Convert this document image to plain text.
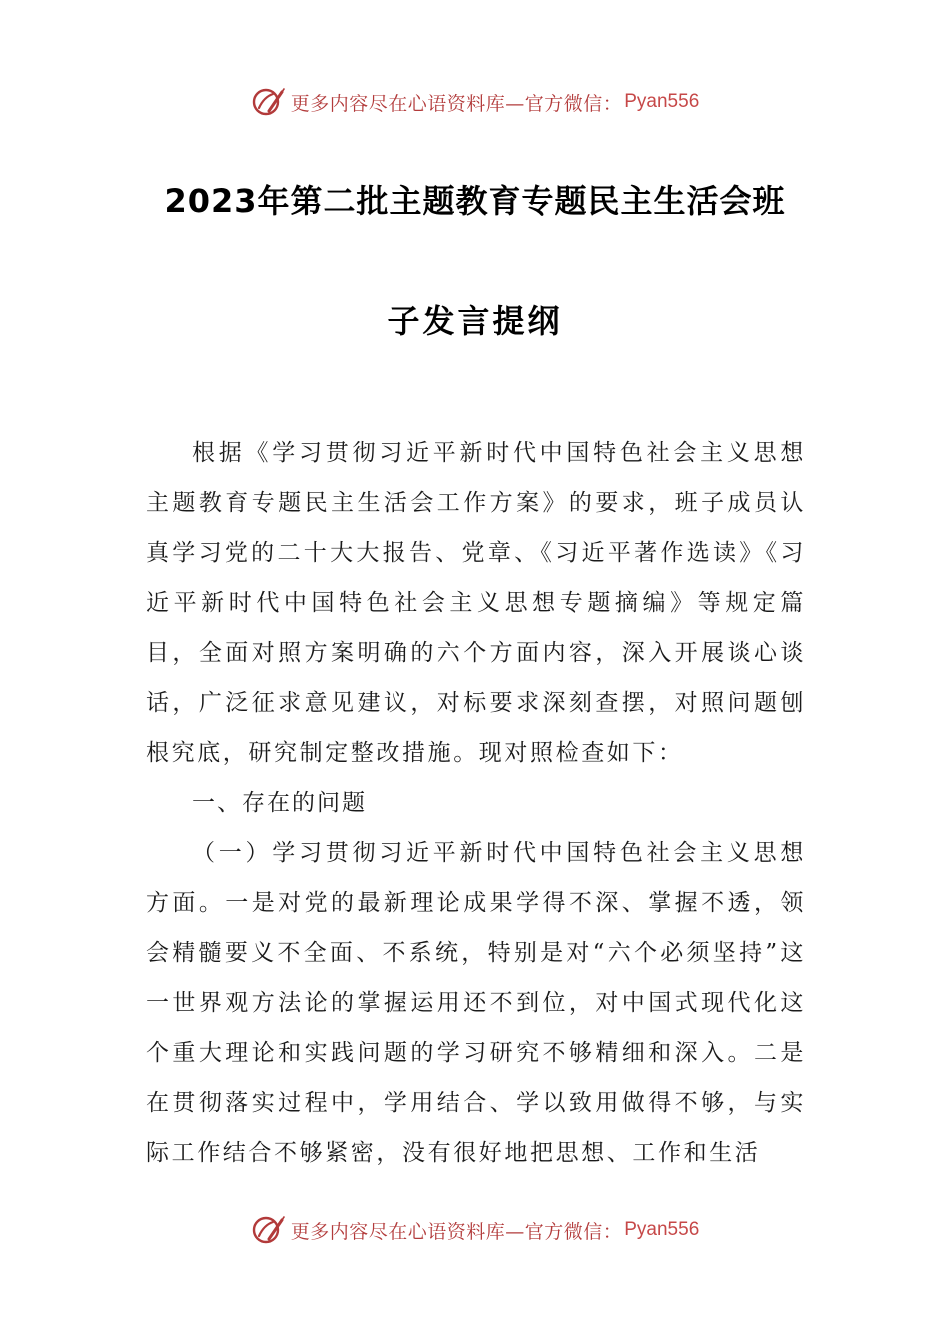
更多内容尽在心语资料库—官方微信： Pyan556
2023年第二批主题教育专题民主生活会班
子发言提纲

根据《学习贯彻习近平新时代中国特色社会主义思想主题教育专题民主生活会工作方案》的要求，班子成员认真学习党的二十大大报告、党章、《习近平著作选读》《习近平新时代中国特色社会主义思想专题摘编》等规定篇目，全面对照方案明确的六个方面内容，深入开展谈心谈话，广泛征求意见建议，对标要求深刻查摆，对照问题刨根究底，研究制定整改措施。现对照检查如下：

一、存在的问题

（一）学习贯彻习近平新时代中国特色社会主义思想方面。一是对党的最新理论成果学得不深、掌握不透，领会精髓要义不全面、不系统，特别是对“六个必须坚持”这一世界观方法论的掌握运用还不到位，对中国式现代化这个重大理论和实践问题的学习研究不够精细和深入。二是在贯彻落实过程中，学用结合、学以致用做得不够，与实际工作结合不够紧密，没有很好地把思想、工作和生活

更多内容尽在心语资料库—官方微信： Pyan556
